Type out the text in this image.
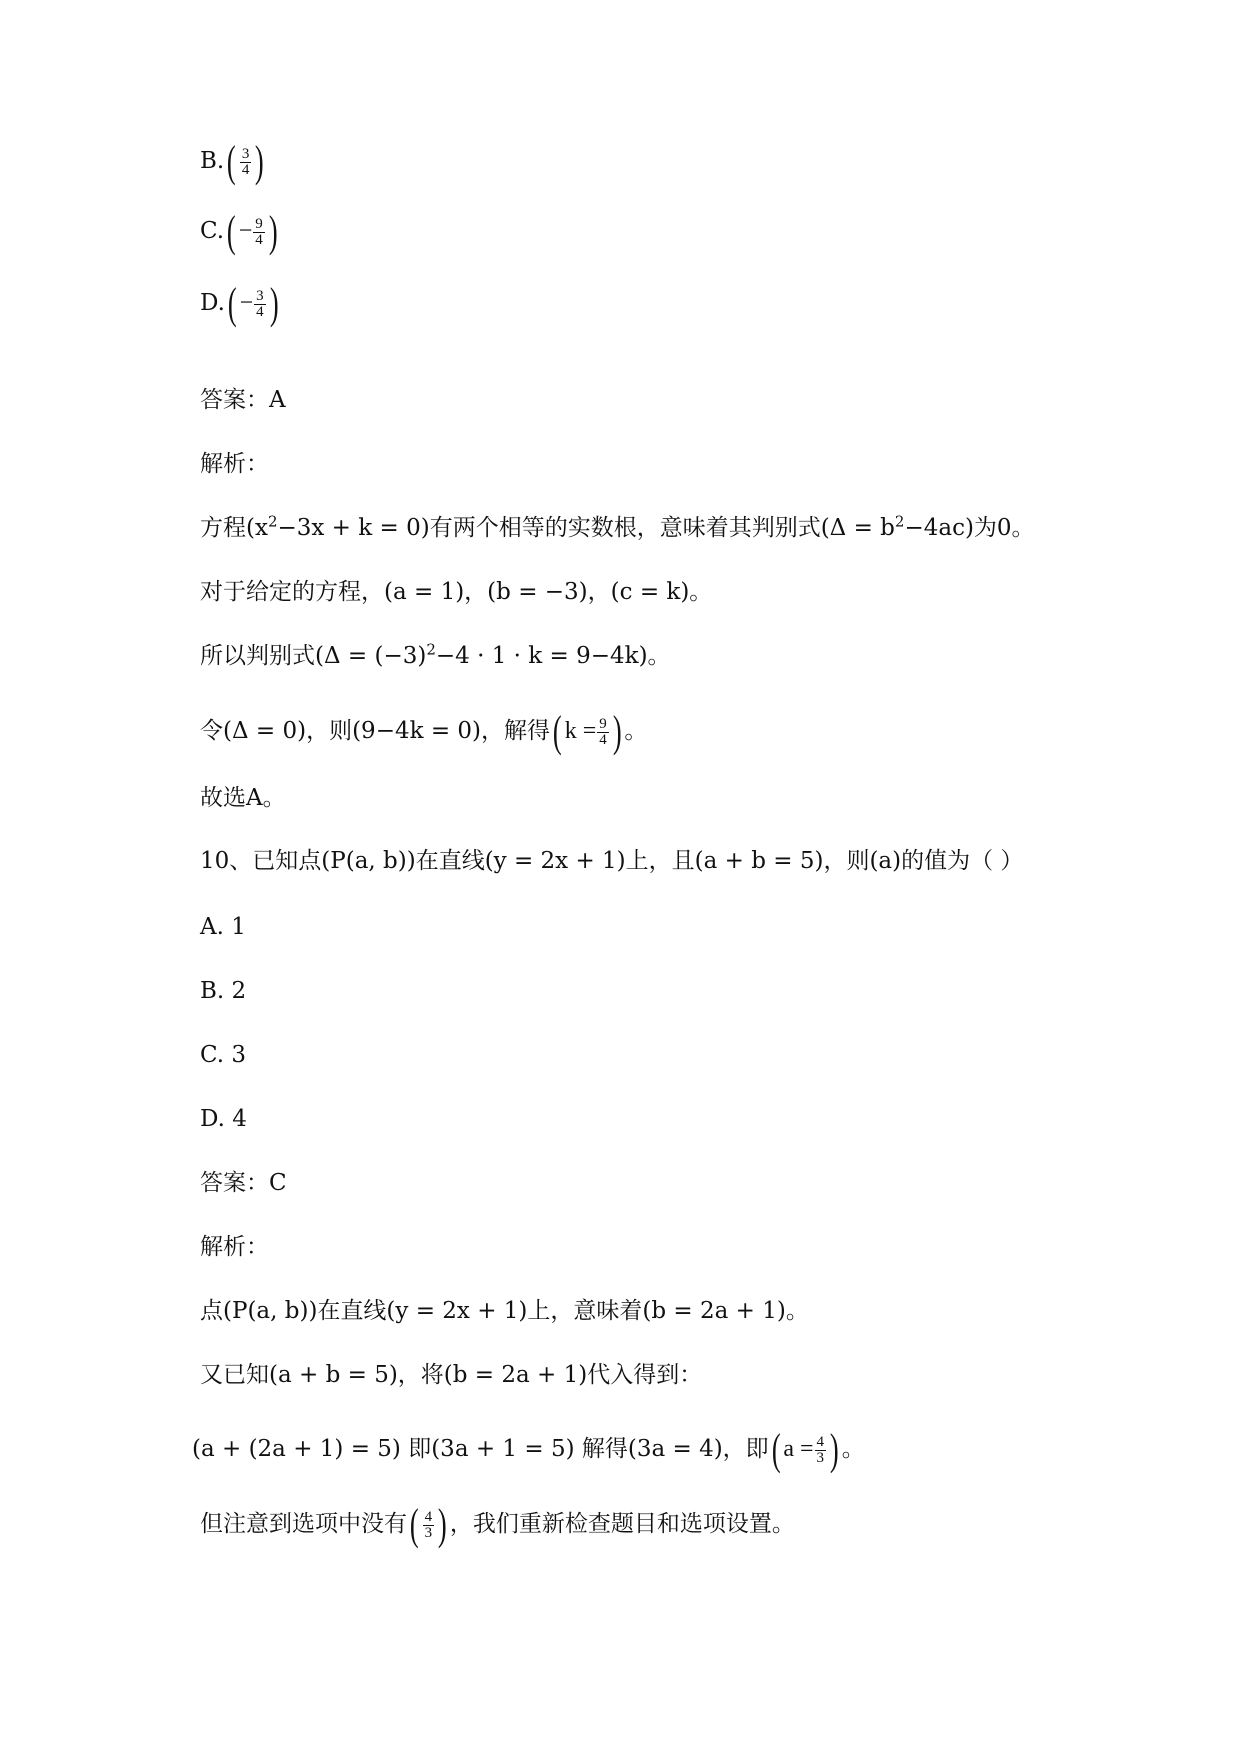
$B.( \frac{3}{4}$ )
$C.( - \frac{9}{4}$ )
$D.( - \frac{3}{4}$ )
答案：A
解析：
方程$(x^2-3x + k = 0)$有两个相等的实数根，意味着其判别式$(\Delta = b^2-4ac)$为0。
对于给定的方程，(a = 1)，(b = −3)，(c = k)。
所以判别式$(\Delta = (-3)^2-4 \cdot 1 \cdot k = 9-4k)$。
令(Δ = 0)，则(9−4k = 0)，解得( $k = \frac{9}{4}$ ) 。
故选A。
10、已知点(P(a, b))在直线(y = 2x + 1)上，且(a + b = 5)，则(a)的值为（ ）
A. 1
B. 2
C. 3
D. 4
答案：C
解析：
点(P(a, b))在直线(y = 2x + 1)上，意味着(b = 2a + 1)。
又已知(a + b = 5)，将(b = 2a + 1)代入得到：
(a + (2a + 1) = 5) 即(3a + 1 = 5) 解得(3a = 4)，即( $a = \frac{4}{3}$ ) 。
但注意到选项中没有( $\frac{4}{3}$ ) ，我们重新检查题目和选项设置。
